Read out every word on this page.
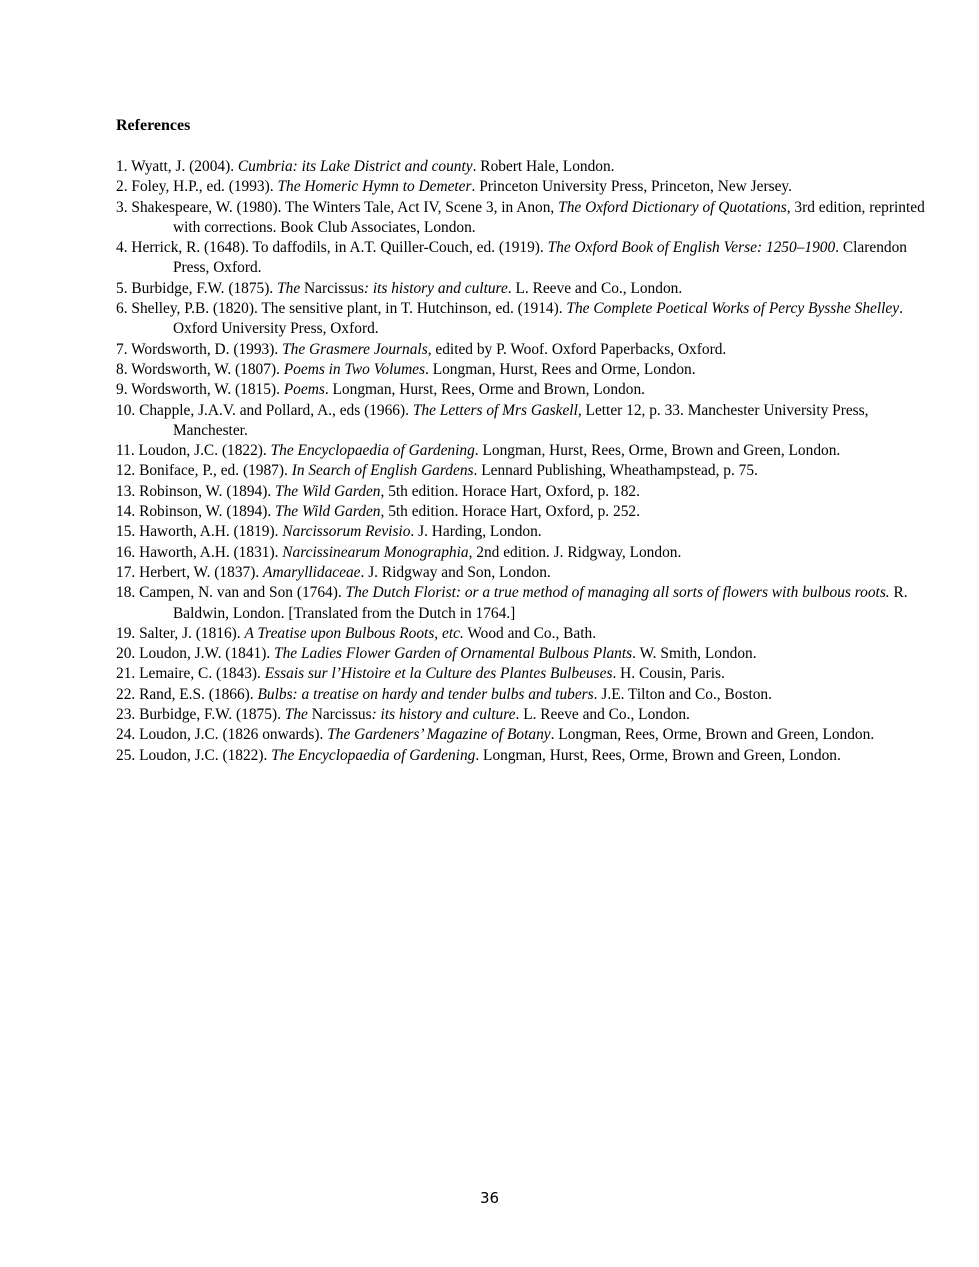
References

1. Wyatt, J. (2004). Cumbria: its Lake District and county. Robert Hale, London.

2. Foley, H.P., ed. (1993). The Homeric Hymn to Demeter. Princeton University Press, Princeton, New Jersey.

3. Shakespeare, W. (1980). The Winters Tale, Act IV, Scene 3, in Anon, The Oxford Dictionary of Quotations, 3rd edition, reprinted with corrections. Book Club Associates, London.

4. Herrick, R. (1648). To daffodils, in A.T. Quiller-Couch, ed. (1919). The Oxford Book of English Verse: 1250–1900. Clarendon Press, Oxford.

5. Burbidge, F.W. (1875). The Narcissus: its history and culture. L. Reeve and Co., London.

6. Shelley, P.B. (1820). The sensitive plant, in T. Hutchinson, ed. (1914). The Complete Poetical Works of Percy Bysshe Shelley. Oxford University Press, Oxford.

7. Wordsworth, D. (1993). The Grasmere Journals, edited by P. Woof. Oxford Paperbacks, Oxford.

8. Wordsworth, W. (1807). Poems in Two Volumes. Longman, Hurst, Rees and Orme, London.

9. Wordsworth, W. (1815). Poems. Longman, Hurst, Rees, Orme and Brown, London.

10. Chapple, J.A.V. and Pollard, A., eds (1966). The Letters of Mrs Gaskell, Letter 12, p. 33. Manchester University Press, Manchester.

11. Loudon, J.C. (1822). The Encyclopaedia of Gardening. Longman, Hurst, Rees, Orme, Brown and Green, London.

12. Boniface, P., ed. (1987). In Search of English Gardens. Lennard Publishing, Wheathampstead, p. 75.

13. Robinson, W. (1894). The Wild Garden, 5th edition. Horace Hart, Oxford, p. 182.

14. Robinson, W. (1894). The Wild Garden, 5th edition. Horace Hart, Oxford, p. 252.

15. Haworth, A.H. (1819). Narcissorum Revisio. J. Harding, London.

16. Haworth, A.H. (1831). Narcissinearum Monographia, 2nd edition. J. Ridgway, London.

17. Herbert, W. (1837). Amaryllidaceae. J. Ridgway and Son, London.

18. Campen, N. van and Son (1764). The Dutch Florist: or a true method of managing all sorts of flowers with bulbous roots. R. Baldwin, London. [Translated from the Dutch in 1764.]

19. Salter, J. (1816). A Treatise upon Bulbous Roots, etc. Wood and Co., Bath.

20. Loudon, J.W. (1841). The Ladies Flower Garden of Ornamental Bulbous Plants. W. Smith, London.

21. Lemaire, C. (1843). Essais sur l’Histoire et la Culture des Plantes Bulbeuses. H. Cousin, Paris.

22. Rand, E.S. (1866). Bulbs: a treatise on hardy and tender bulbs and tubers. J.E. Tilton and Co., Boston.

23. Burbidge, F.W. (1875). The Narcissus: its history and culture. L. Reeve and Co., London.

24. Loudon, J.C. (1826 onwards). The Gardeners’ Magazine of Botany. Longman, Rees, Orme, Brown and Green, London.

25. Loudon, J.C. (1822). The Encyclopaedia of Gardening. Longman, Hurst, Rees, Orme, Brown and Green, London.

36
